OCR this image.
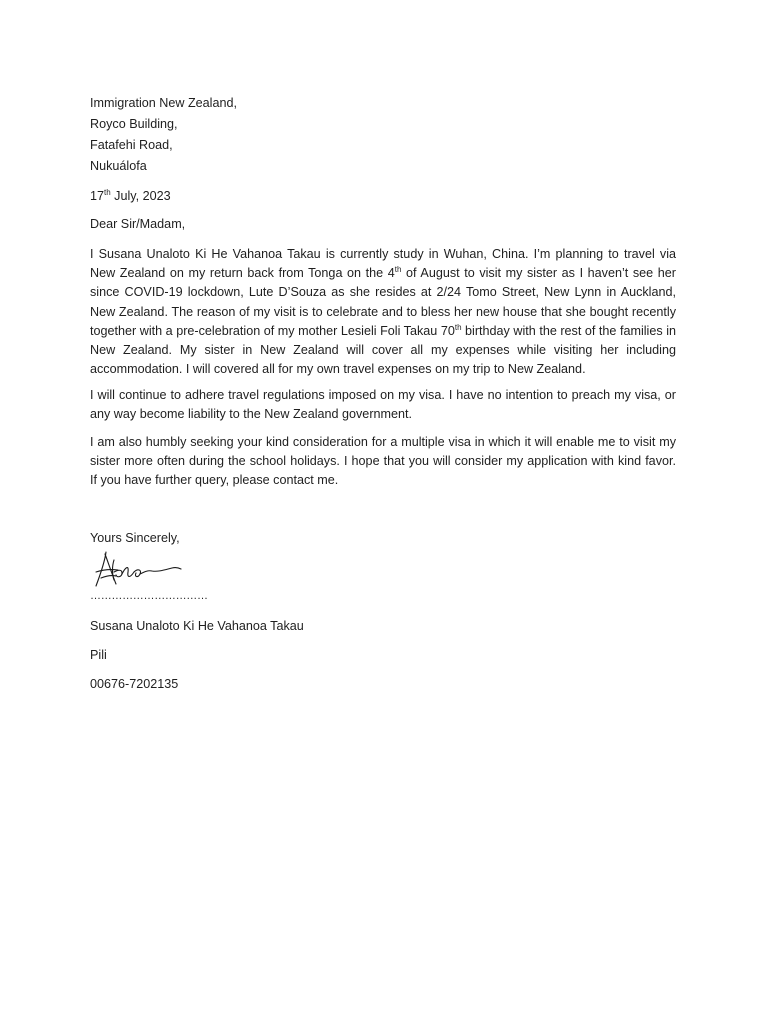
Immigration New Zealand,
Royco Building,
Fatafehi Road,
Nukuálofa
17th July, 2023
Dear Sir/Madam,

I Susana Unaloto Ki He Vahanoa Takau is currently study in Wuhan, China. I’m planning to travel via New Zealand on my return back from Tonga on the 4th of August to visit my sister as I haven’t see her since COVID-19 lockdown, Lute D’Souza as she resides at 2/24 Tomo Street, New Lynn in Auckland, New Zealand. The reason of my visit is to celebrate and to bless her new house that she bought recently together with a pre-celebration of my mother Lesieli Foli Takau 70th birthday with the rest of the families in New Zealand. My sister in New Zealand will cover all my expenses while visiting her including accommodation. I will covered all for my own travel expenses on my trip to New Zealand.

I will continue to adhere travel regulations imposed on my visa. I have no intention to preach my visa, or any way become liability to the New Zealand government.

I am also humbly seeking your kind consideration for a multiple visa in which it will enable me to visit my sister more often during the school holidays. I hope that you will consider my application with kind favor. If you have further query, please contact me.

Yours Sincerely,
……………………………
Susana Unaloto Ki He Vahanoa Takau
Pili
00676-7202135
